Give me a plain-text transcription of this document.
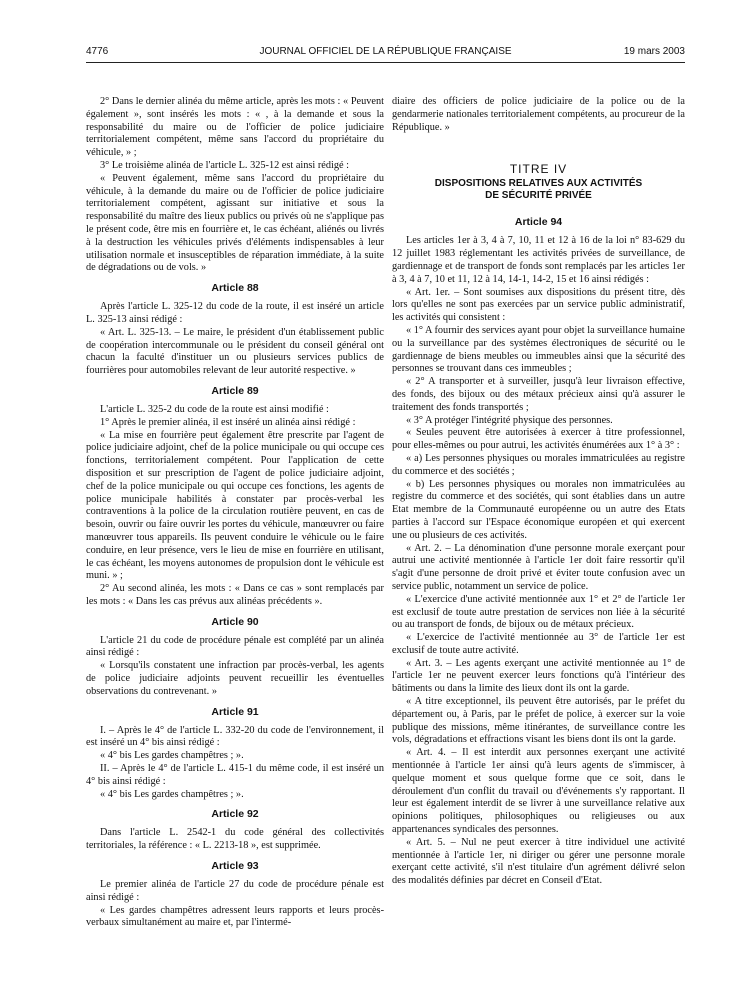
4776	JOURNAL OFFICIEL DE LA RÉPUBLIQUE FRANÇAISE	19 mars 2003

2° Dans le dernier alinéa du même article, après les mots : « Peuvent également », sont insérés les mots : « , à la demande et sous la responsabilité du maire ou de l'officier de police judiciaire territorialement compétent, même sans l'accord du propriétaire du véhicule, » ;

3° Le troisième alinéa de l'article L. 325-12 est ainsi rédigé :

« Peuvent également, même sans l'accord du propriétaire du véhicule, à la demande du maire ou de l'officier de police judiciaire territorialement compétent, agissant sur initiative et sous la responsabilité du maître des lieux publics ou privés où ne s'applique pas le présent code, être mis en fourrière et, le cas échéant, aliénés ou livrés à la destruction les véhicules privés d'éléments indispensables à leur utilisation normale et insusceptibles de réparation immédiate, à la suite de dégradations ou de vols. »

Article 88

Après l'article L. 325-12 du code de la route, il est inséré un article L. 325-13 ainsi rédigé :

« Art. L. 325-13. – Le maire, le président d'un établissement public de coopération intercommunale ou le président du conseil général ont chacun la faculté d'instituer un ou plusieurs services publics de fourrières pour automobiles relevant de leur autorité respective. »

Article 89

L'article L. 325-2 du code de la route est ainsi modifié :

1° Après le premier alinéa, il est inséré un alinéa ainsi rédigé :

« La mise en fourrière peut également être prescrite par l'agent de police judiciaire adjoint, chef de la police municipale ou qui occupe ces fonctions, territorialement compétent. Pour l'application de cette disposition et sur prescription de l'agent de police judiciaire adjoint, chef de la police municipale ou qui occupe ces fonctions, les agents de police municipale habilités à constater par procès-verbal les contraventions à la police de la circulation routière peuvent, en cas de besoin, ouvrir ou faire ouvrir les portes du véhicule, manœuvrer ou faire manœuvrer tous appareils. Ils peuvent conduire le véhicule ou le faire conduire, en leur présence, vers le lieu de mise en fourrière en utilisant, le cas échéant, les moyens autonomes de propulsion dont le véhicule est muni. » ;

2° Au second alinéa, les mots : « Dans ce cas » sont remplacés par les mots : « Dans les cas prévus aux alinéas précédents ».

Article 90

L'article 21 du code de procédure pénale est complété par un alinéa ainsi rédigé :

« Lorsqu'ils constatent une infraction par procès-verbal, les agents de police judiciaire adjoints peuvent recueillir les éventuelles observations du contrevenant. »

Article 91

I. – Après le 4° de l'article L. 332-20 du code de l'environnement, il est inséré un 4° bis ainsi rédigé :

« 4° bis Les gardes champêtres ; ».

II. – Après le 4° de l'article L. 415-1 du même code, il est inséré un 4° bis ainsi rédigé :

« 4° bis Les gardes champêtres ; ».

Article 92

Dans l'article L. 2542-1 du code général des collectivités territoriales, la référence : « L. 2213-18 », est supprimée.

Article 93

Le premier alinéa de l'article 27 du code de procédure pénale est ainsi rédigé :

« Les gardes champêtres adressent leurs rapports et leurs procès-verbaux simultanément au maire et, par l'intermé-

diaire des officiers de police judiciaire de la police ou de la gendarmerie nationales territorialement compétents, au procureur de la République. »

TITRE IV
DISPOSITIONS RELATIVES AUX ACTIVITÉS
DE SÉCURITÉ PRIVÉE
Article 94

Les articles 1er à 3, 4 à 7, 10, 11 et 12 à 16 de la loi n° 83-629 du 12 juillet 1983 réglementant les activités privées de surveillance, de gardiennage et de transport de fonds sont remplacés par les articles 1er à 3, 4 à 7, 10 et 11, 12 à 14, 14-1, 14-2, 15 et 16 ainsi rédigés :

« Art. 1er. – Sont soumises aux dispositions du présent titre, dès lors qu'elles ne sont pas exercées par un service public administratif, les activités qui consistent :

« 1° A fournir des services ayant pour objet la surveillance humaine ou la surveillance par des systèmes électroniques de sécurité ou le gardiennage de biens meubles ou immeubles ainsi que la sécurité des personnes se trouvant dans ces immeubles ;

« 2° A transporter et à surveiller, jusqu'à leur livraison effective, des fonds, des bijoux ou des métaux précieux ainsi qu'à assurer le traitement des fonds transportés ;

« 3° A protéger l'intégrité physique des personnes.

« Seules peuvent être autorisées à exercer à titre professionnel, pour elles-mêmes ou pour autrui, les activités énumérées aux 1° à 3° :

« a) Les personnes physiques ou morales immatriculées au registre du commerce et des sociétés ;

« b) Les personnes physiques ou morales non immatriculées au registre du commerce et des sociétés, qui sont établies dans un autre Etat membre de la Communauté européenne ou un autre des Etats parties à l'accord sur l'Espace économique européen et qui exercent une ou plusieurs de ces activités.

« Art. 2. – La dénomination d'une personne morale exerçant pour autrui une activité mentionnée à l'article 1er doit faire ressortir qu'il s'agit d'une personne de droit privé et éviter toute confusion avec un service public, notamment un service de police.

« L'exercice d'une activité mentionnée aux 1° et 2° de l'article 1er est exclusif de toute autre prestation de services non liée à la sécurité ou au transport de fonds, de bijoux ou de métaux précieux.

« L'exercice de l'activité mentionnée au 3° de l'article 1er est exclusif de toute autre activité.

« Art. 3. – Les agents exerçant une activité mentionnée au 1° de l'article 1er ne peuvent exercer leurs fonctions qu'à l'intérieur des bâtiments ou dans la limite des lieux dont ils ont la garde.

« A titre exceptionnel, ils peuvent être autorisés, par le préfet du département ou, à Paris, par le préfet de police, à exercer sur la voie publique des missions, même itinérantes, de surveillance contre les vols, dégradations et effractions visant les biens dont ils ont la garde.

« Art. 4. – Il est interdit aux personnes exerçant une activité mentionnée à l'article 1er ainsi qu'à leurs agents de s'immiscer, à quelque moment et sous quelque forme que ce soit, dans le déroulement d'un conflit du travail ou d'événements s'y rapportant. Il leur est également interdit de se livrer à une surveillance relative aux opinions politiques, philosophiques ou religieuses ou aux appartenances syndicales des personnes.

« Art. 5. – Nul ne peut exercer à titre individuel une activité mentionnée à l'article 1er, ni diriger ou gérer une personne morale exerçant cette activité, s'il n'est titulaire d'un agrément délivré selon des modalités définies par décret en Conseil d'Etat.
